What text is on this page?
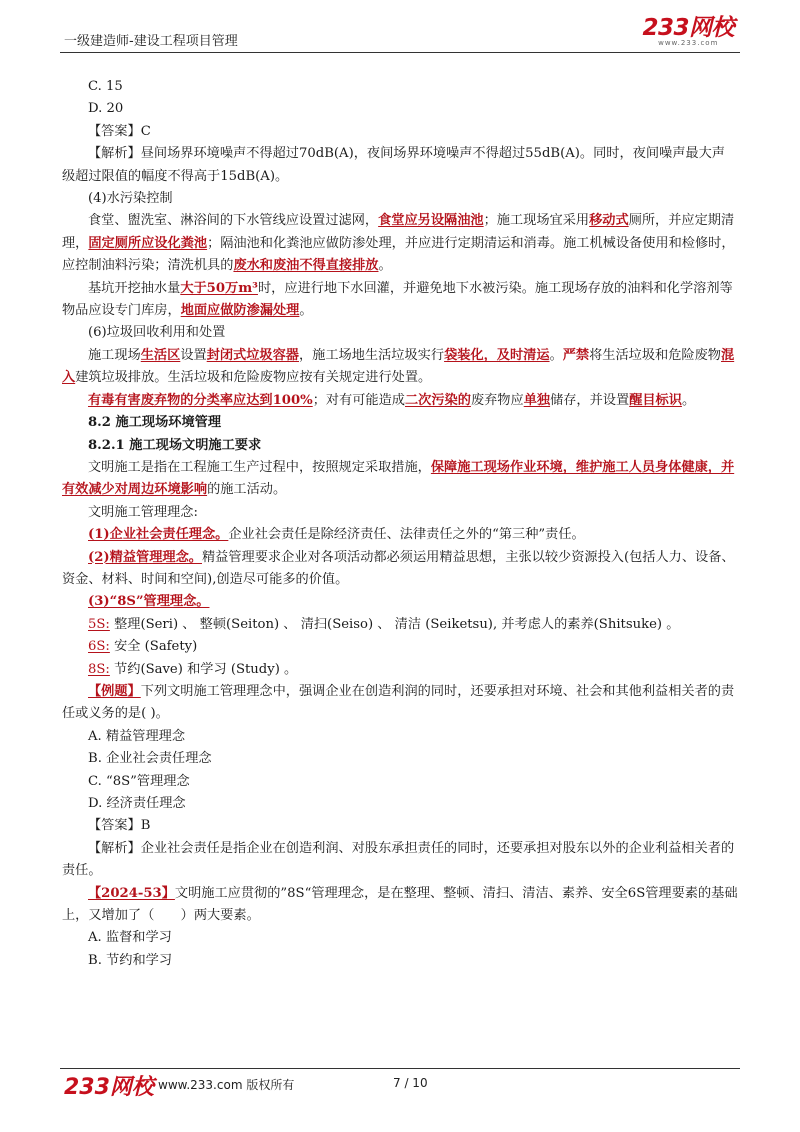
一级建造师-建设工程项目管理
233网校
www.233.com

C. 15

D. 20

【答案】C

【解析】昼间场界环境噪声不得超过70dB(A)，夜间场界环境噪声不得超过55dB(A)。同时，夜间噪声最大声级超过限值的幅度不得高于15dB(A)。

(4)水污染控制

食堂、盥洗室、淋浴间的下水管线应设置过滤网，食堂应另设隔油池；施工现场宜采用移动式厕所，并应定期清理，固定厕所应设化粪池；隔油池和化粪池应做防渗处理，并应进行定期清运和消毒。施工机械设备使用和检修时，应控制油料污染；清洗机具的废水和废油不得直接排放。

基坑开挖抽水量大于50万m³时，应进行地下水回灌，并避免地下水被污染。施工现场存放的油料和化学溶剂等物品应设专门库房，地面应做防渗漏处理。

(6)垃圾回收利用和处置

施工现场生活区设置封闭式垃圾容器，施工场地生活垃圾实行袋装化，及时清运。严禁将生活垃圾和危险废物混入建筑垃圾排放。生活垃圾和危险废物应按有关规定进行处置。

有毒有害废弃物的分类率应达到100%；对有可能造成二次污染的废弃物应单独储存，并设置醒目标识。

8.2 施工现场环境管理

8.2.1 施工现场文明施工要求

文明施工是指在工程施工生产过程中，按照规定采取措施，保障施工现场作业环境，维护施工人员身体健康，并有效减少对周边环境影响的施工活动。

文明施工管理理念:

(1)企业社会责任理念。企业社会责任是除经济责任、法律责任之外的“第三种”责任。

(2)精益管理理念。精益管理要求企业对各项活动都必须运用精益思想，主张以较少资源投入(包括人力、设备、资金、材料、时间和空间),创造尽可能多的价值。

(3)“8S”管理理念。

5S: 整理(Seri) 、 整顿(Seiton) 、 清扫(Seiso) 、 清洁 (Seiketsu), 并考虑人的素养(Shitsuke) 。

6S: 安全 (Safety)

8S: 节约(Save) 和学习 (Study) 。

【例题】下列文明施工管理理念中，强调企业在创造利润的同时，还要承担对环境、社会和其他利益相关者的责任或义务的是( )。

A. 精益管理理念

B. 企业社会责任理念

C. “8S”管理理念

D. 经济责任理念

【答案】B

【解析】企业社会责任是指企业在创造利润、对股东承担责任的同时，还要承担对股东以外的企业利益相关者的责任。

【2024-53】文明施工应贯彻的”8S“管理理念，是在整理、整顿、清扫、清洁、素养、安全6S管理要素的基础上，又增加了（　　）两大要素。

A. 监督和学习

B. 节约和学习

233网校 www.233.com 版权所有	7 / 10
